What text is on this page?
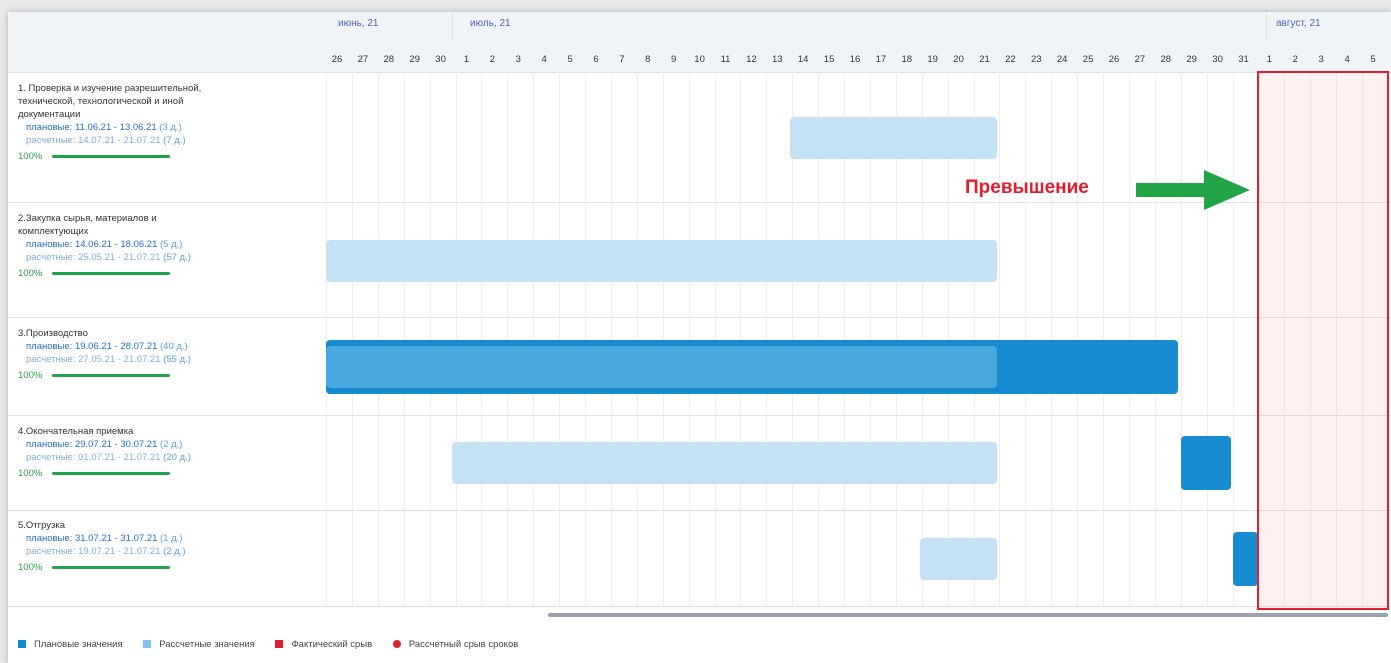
июнь, 21	июль, 21	август, 21
26	27	28	29	30	1	2	3	4	5	6	7	8	9	10	11	12	13	14	15	16	17	18	19	20	21	22	23	24	25	26	27	28	29	30	31	1	2	3	4	5
1. Проверка и изучение разрешительной,
технической, технологической и иной
документации
плановые: 11.06.21 - 13.06.21 (3 д.)
расчетные: 14.07.21 - 21.07.21 (7 д.)
100%
2.Закупка сырья, материалов и
комплектующих
плановые: 14.06.21 - 18.06.21 (5 д.)
расчетные: 25.05.21 - 21.07.21 (57 д.)
100%
3.Производство
плановые: 19.06.21 - 28.07.21 (40 д.)
расчетные: 27.05.21 - 21.07.21 (55 д.)
100%
4.Окончательная приемка
плановые: 29.07.21 - 30.07.21 (2 д.)
расчетные: 01.07.21 - 21.07.21 (20 д.)
100%
5.Отгрузка
плановые: 31.07.21 - 31.07.21 (1 д.)
расчетные: 19.07.21 - 21.07.21 (2 д.)
100%
Превышение
Плановые значения	Рассчетные значения	Фактический срыв	Рассчетный срыв сроков
